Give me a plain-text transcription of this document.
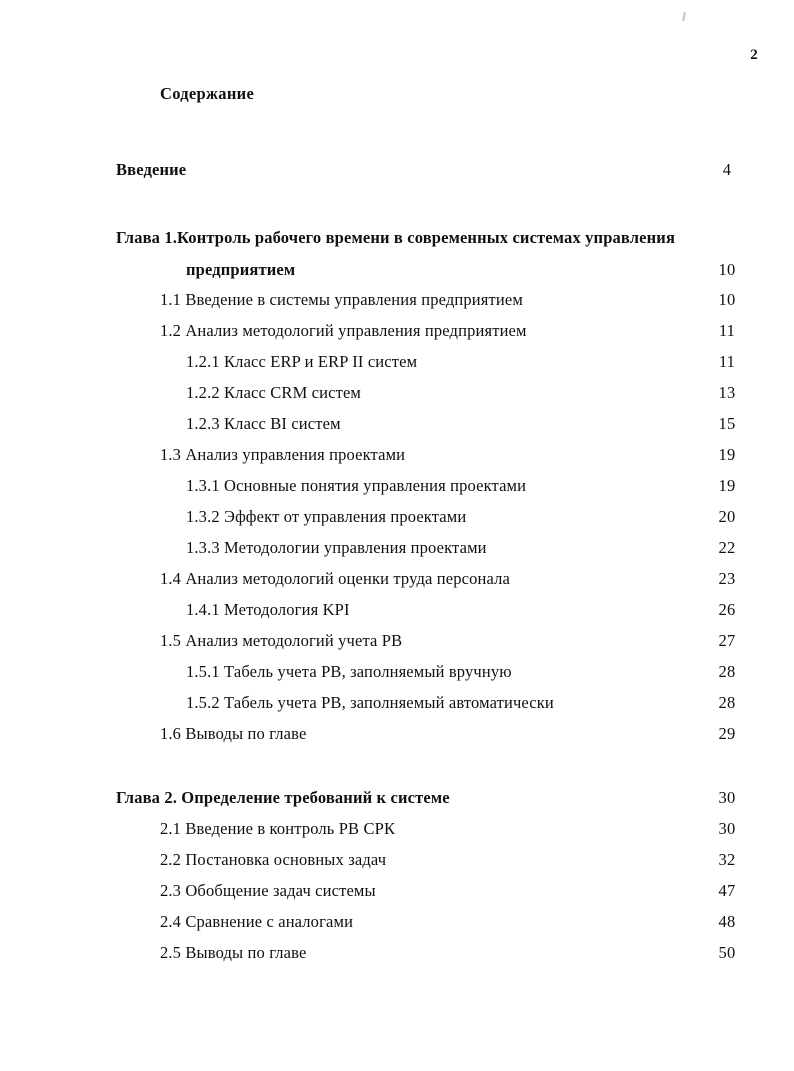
2
Содержание
Введение	4
Глава 1.Контроль рабочего времени в современных системах управления
предприятием	10
1.1 Введение в системы управления предприятием	10
1.2 Анализ методологий управления предприятием	11
1.2.1 Класс ERP и ERP II систем	11
1.2.2 Класс CRM систем	13
1.2.3 Класс BI систем	15
1.3 Анализ управления проектами	19
1.3.1 Основные понятия управления проектами	19
1.3.2 Эффект от управления проектами	20
1.3.3 Методологии управления проектами	22
1.4 Анализ методологий оценки труда персонала	23
1.4.1 Методология KPI	26
1.5 Анализ методологий учета РВ	27
1.5.1 Табель учета РВ, заполняемый вручную	28
1.5.2 Табель учета РВ, заполняемый автоматически	28
1.6 Выводы по главе	29
Глава 2. Определение требований к системе	30
2.1 Введение в контроль РВ СРК	30
2.2 Постановка основных задач	32
2.3 Обобщение задач системы	47
2.4 Сравнение с аналогами	48
2.5 Выводы по главе	50
